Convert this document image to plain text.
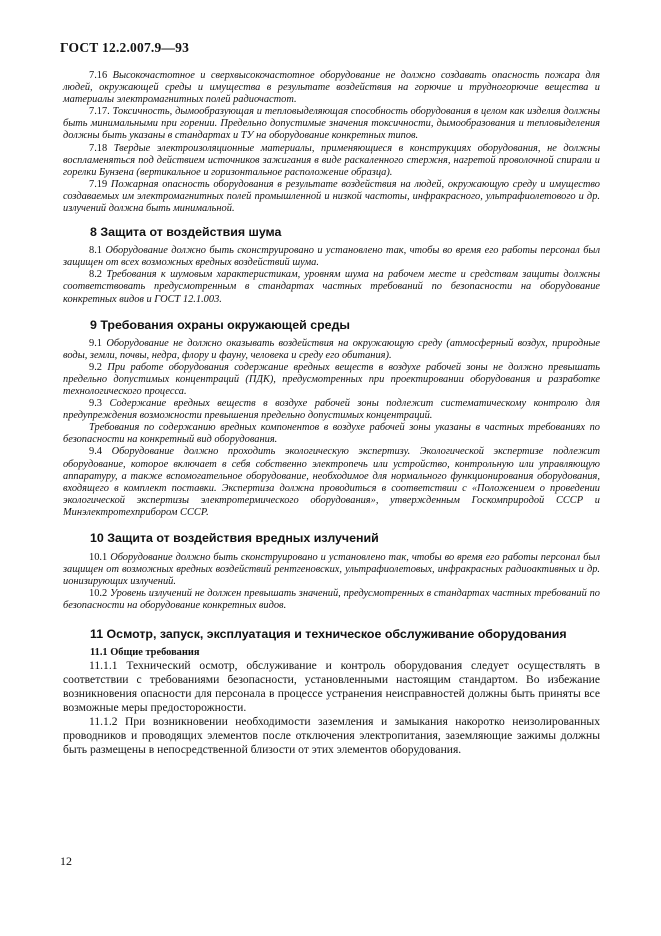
ГОСТ 12.2.007.9—93

7.16 Высокочастотное и сверхвысокочастотное оборудование не должно создавать опасность пожара для людей, окружающей среды и имущества в результате воздействия на горючие и трудногорючие вещества и материалы электромагнитных полей радиочастот.

7.17. Токсичность, дымообразующая и тепловыделяющая способность оборудования в целом как изделия должны быть минимальными при горении. Предельно допустимые значения токсичности, дымообразования и тепловыделения должны быть указаны в стандартах и ТУ на оборудование конкретных типов.

7.18 Твердые электроизоляционные материалы, применяющиеся в конструкциях оборудования, не должны воспламеняться под действием источников зажигания в виде раскаленного стержня, нагретой проволочной спирали и горелки Бунзена (вертикальное и горизонтальное расположение образца).

7.19 Пожарная опасность оборудования в результате воздействия на людей, окружающую среду и имущество создаваемых им электромагнитных полей промышленной и низкой частоты, инфракрасного, ультрафиолетового и др. излучений должна быть минимальной.

8 Защита от воздействия шума

8.1 Оборудование должно быть сконструировано и установлено так, чтобы во время его работы персонал был защищен от всех возможных вредных воздействий шума.

8.2 Требования к шумовым характеристикам, уровням шума на рабочем месте и средствам защиты должны соответствовать предусмотренным в стандартах частных требований по безопасности на оборудование конкретных видов и ГОСТ 12.1.003.

9 Требования охраны окружающей среды

9.1 Оборудование не должно оказывать воздействия на окружающую среду (атмосферный воздух, природные воды, земли, почвы, недра, флору и фауну, человека и среду его обитания).

9.2 При работе оборудования содержание вредных веществ в воздухе рабочей зоны не должно превышать предельно допустимых концентраций (ПДК), предусмотренных при проектировании оборудования и разработке технологического процесса.

9.3 Содержание вредных веществ в воздухе рабочей зоны подлежит систематическому контролю для предупреждения возможности превышения предельно допустимых концентраций.

Требования по содержанию вредных компонентов в воздухе рабочей зоны указаны в частных требованиях по безопасности на конкретный вид оборудования.

9.4 Оборудование должно проходить экологическую экспертизу. Экологической экспертизе подлежит оборудование, которое включает в себя собственно электропечь или устройство, контрольную или управляющую аппаратуру, а также вспомогательное оборудование, необходимое для нормального функционирования оборудования, входящего в комплект поставки. Экспертиза должна проводиться в соответствии с «Положением о проведении экологической экспертизы электротермического оборудования», утвержденным Госкомприродой СССР и Минэлектротехприбором СССР.

10 Защита от воздействия вредных излучений

10.1 Оборудование должно быть сконструировано и установлено так, чтобы во время его работы персонал был защищен от возможных вредных воздействий рентгеновских, ультрафиолетовых, инфракрасных радиоактивных и др. ионизирующих излучений.

10.2 Уровень излучений не должен превышать значений, предусмотренных в стандартах частных требований по безопасности на оборудование конкретных видов.

11 Осмотр, запуск, эксплуатация и техническое обслуживание оборудования
11.1 Общие требования

11.1.1 Технический осмотр, обслуживание и контроль оборудования следует осуществлять в соответствии с требованиями безопасности, установленными настоящим стандартом. Во избежание возникновения опасности для персонала в процессе устранения неисправностей должны быть приняты все возможные меры предосторожности.

11.1.2 При возникновении необходимости заземления и замыкания накоротко неизолированных проводников и проводящих элементов после отключения электропитания, заземляющие зажимы должны быть размещены в непосредственной близости от этих элементов оборудования.

12
